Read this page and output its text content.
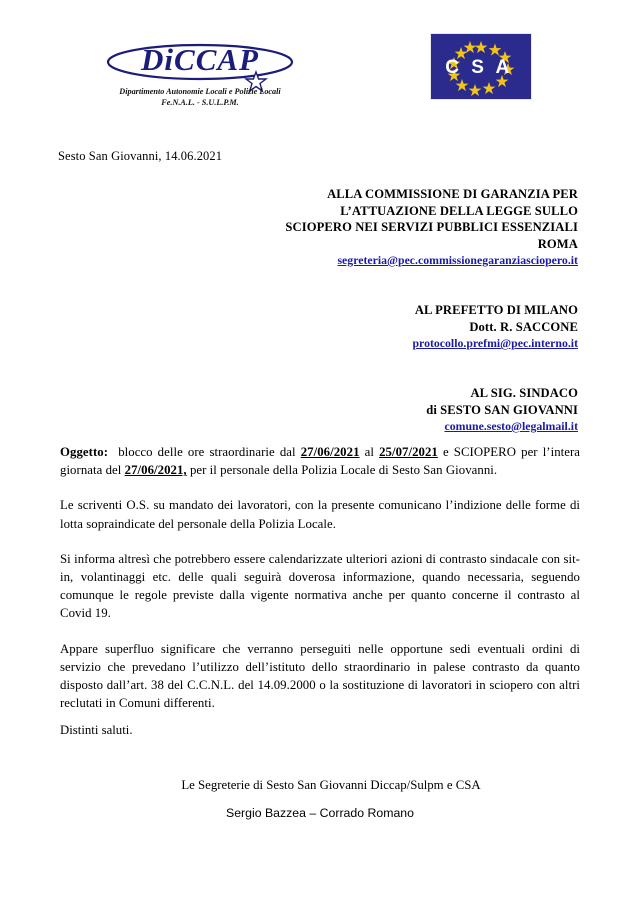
DiCCAP
Dipartimento Autonomie Locali e Polizie Locali
Fe.N.A.L. - S.U.L.P.M.
C S A
Sesto San Giovanni, 14.06.2021
ALLA COMMISSIONE DI GARANZIA PER
L’ATTUAZIONE DELLA LEGGE SULLO
SCIOPERO NEI SERVIZI PUBBLICI ESSENZIALI
ROMA
segreteria@pec.commissionegaranziasciopero.it
AL PREFETTO DI MILANO
Dott. R. SACCONE
protocollo.prefmi@pec.interno.it
AL SIG. SINDACO
di SESTO SAN GIOVANNI
comune.sesto@legalmail.it

Oggetto: blocco delle ore straordinarie dal 27/06/2021 al 25/07/2021 e SCIOPERO per l’intera giornata del 27/06/2021, per il personale della Polizia Locale di Sesto San Giovanni.

Le scriventi O.S. su mandato dei lavoratori, con la presente comunicano l’indizione delle forme di lotta sopraindicate del personale della Polizia Locale.

Si informa altresì che potrebbero essere calendarizzate ulteriori azioni di contrasto sindacale con sit-in, volantinaggi etc. delle quali seguirà doverosa informazione, quando necessaria, seguendo comunque le regole previste dalla vigente normativa anche per quanto concerne il contrasto al Covid 19.

Appare superfluo significare che verranno perseguiti nelle opportune sedi eventuali ordini di servizio che prevedano l’utilizzo dell’istituto dello straordinario in palese contrasto da quanto disposto dall’art. 38 del C.C.N.L. del 14.09.2000 o la sostituzione di lavoratori in sciopero con altri reclutati in Comuni differenti.

Distinti saluti.

Le Segreterie di Sesto San Giovanni Diccap/Sulpm e CSA
Sergio Bazzea – Corrado Romano
